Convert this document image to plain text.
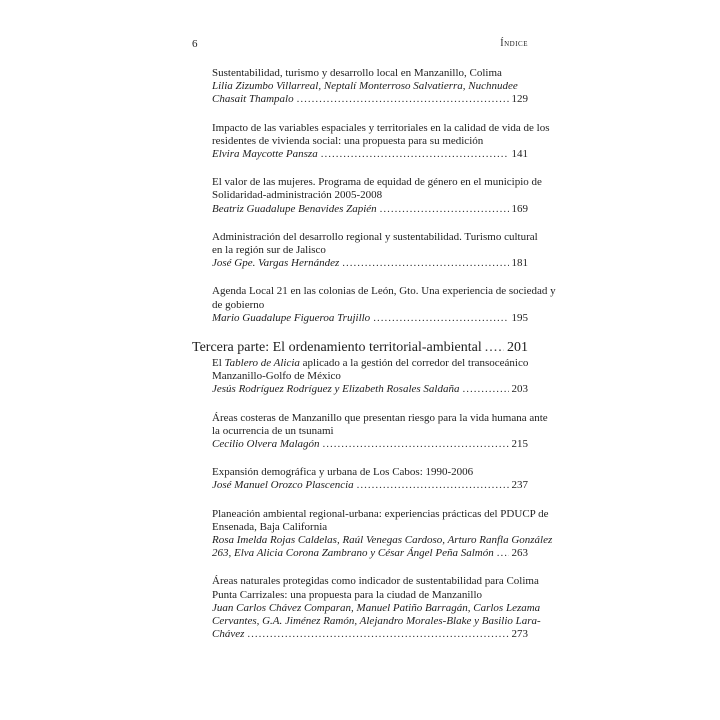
6	Índice
Sustentabilidad, turismo y desarrollo local en Manzanillo, Colima
Lilia Zizumbo Villarreal, Neptalí Monterroso Salvatierra, Nuchnudee
Chasait Thampalo .....	129
Impacto de las variables espaciales y territoriales en la calidad de vida de los
residentes de vivienda social: una propuesta para su medición
Elvira Maycotte Pansza .....	141
El valor de las mujeres. Programa de equidad de género en el municipio de
Solidaridad-administración 2005-2008
Beatriz Guadalupe Benavides Zapién .....	169
Administración del desarrollo regional y sustentabilidad. Turismo cultural
en la región sur de Jalisco
José Gpe. Vargas Hernández .....	181
Agenda Local 21 en las colonias de León, Gto. Una experiencia de sociedad y
de gobierno
Mario Guadalupe Figueroa Trujillo .....	195
Tercera parte: El ordenamiento territorial-ambiental ..... 201
El Tablero de Alicia aplicado a la gestión del corredor del transoceánico
Manzanillo-Golfo de México
Jesús Rodríguez Rodríguez y Elizabeth Rosales Saldaña .....	203
Áreas costeras de Manzanillo que presentan riesgo para la vida humana ante
la ocurrencia de un tsunami
Cecilio Olvera Malagón .....	215
Expansión demográfica y urbana de Los Cabos: 1990-2006
José Manuel Orozco Plascencia .....	237
Planeación ambiental regional-urbana: experiencias prácticas del PDUCP de
Ensenada, Baja California
Rosa Imelda Rojas Caldelas, Raúl Venegas Cardoso, Arturo Ranfla González
263, Elva Alicia Corona Zambrano y César Ángel Peña Salmón ..... 263
Áreas naturales protegidas como indicador de sustentabilidad para Colima
Punta Carrizales: una propuesta para la ciudad de Manzanillo
Juan Carlos Chávez Comparan, Manuel Patiño Barragán, Carlos Lezama
Cervantes, G.A. Jiménez Ramón, Alejandro Morales-Blake y Basilio Lara-
Chávez .....	273
